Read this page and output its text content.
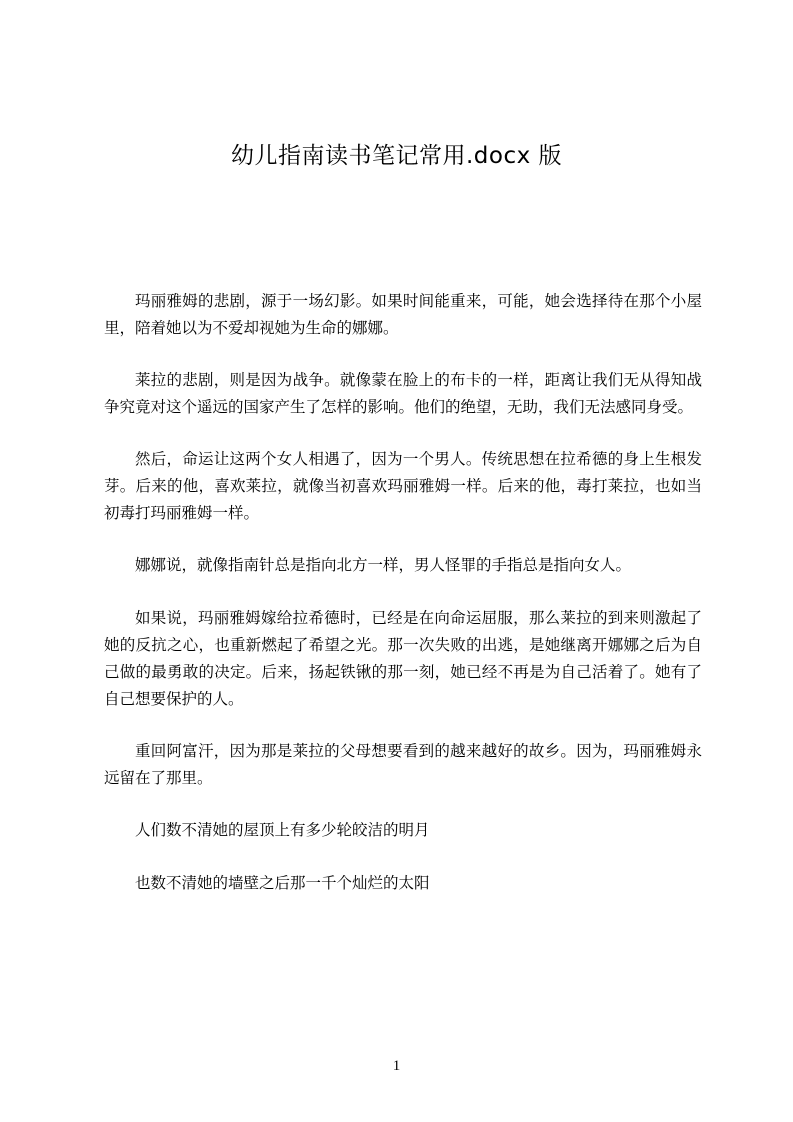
幼儿指南读书笔记常用.docx 版

玛丽雅姆的悲剧，源于一场幻影。如果时间能重来，可能，她会选择待在那个小屋里，陪着她以为不爱却视她为生命的娜娜。

莱拉的悲剧，则是因为战争。就像蒙在脸上的布卡的一样，距离让我们无从得知战争究竟对这个遥远的国家产生了怎样的影响。他们的绝望，无助，我们无法感同身受。

然后，命运让这两个女人相遇了，因为一个男人。传统思想在拉希德的身上生根发芽。后来的他，喜欢莱拉，就像当初喜欢玛丽雅姆一样。后来的他，毒打莱拉，也如当初毒打玛丽雅姆一样。

娜娜说，就像指南针总是指向北方一样，男人怪罪的手指总是指向女人。

如果说，玛丽雅姆嫁给拉希德时，已经是在向命运屈服，那么莱拉的到来则激起了她的反抗之心，也重新燃起了希望之光。那一次失败的出逃，是她继离开娜娜之后为自己做的最勇敢的决定。后来，扬起铁锹的那一刻，她已经不再是为自己活着了。她有了自己想要保护的人。

重回阿富汗，因为那是莱拉的父母想要看到的越来越好的故乡。因为，玛丽雅姆永远留在了那里。

人们数不清她的屋顶上有多少轮皎洁的明月

也数不清她的墙壁之后那一千个灿烂的太阳

1
